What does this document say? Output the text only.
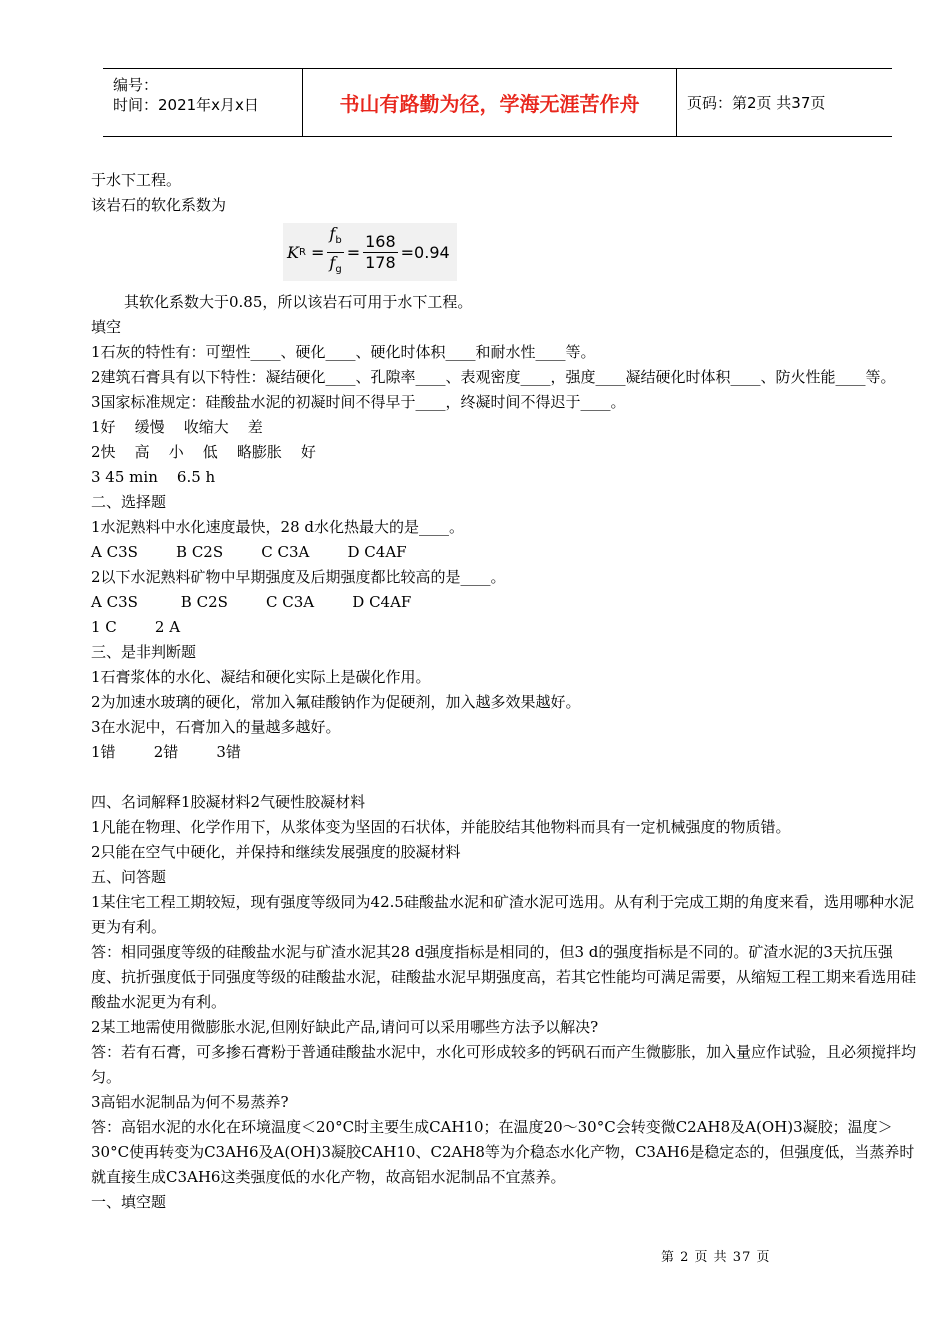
编号：
时间：2021年x月x日	书山有路勤为径，学海无涯苦作舟	页码：第2页 共37页
于水下工程。
该岩石的软化系数为
K $R = \frac{f_b}{f_g} = \frac{168}{178} =0.94$
其软化系数大于0.85，所以该岩石可用于水下工程。
填空
1石灰的特性有：可塑性____、硬化____、硬化时体积____和耐水性____等。
2建筑石膏具有以下特性：凝结硬化____、孔隙率____、表观密度____，强度____凝结硬化时体积____、防火性能____等。
3国家标准规定：硅酸盐水泥的初凝时间不得早于____，终凝时间不得迟于____。
1好    缓慢    收缩大    差
2快    高    小    低    略膨胀    好
3 45 min    6.5 h
二、选择题
1水泥熟料中水化速度最快，28 d水化热最大的是____。
A C3S        B C2S        C C3A        D C4AF
2以下水泥熟料矿物中早期强度及后期强度都比较高的是____。
A C3S         B C2S        C C3A        D C4AF
1 C        2 A
三、是非判断题
1石膏浆体的水化、凝结和硬化实际上是碳化作用。
2为加速水玻璃的硬化，常加入氟硅酸钠作为促硬剂，加入越多效果越好。
3在水泥中，石膏加入的量越多越好。
1错        2错        3错
四、名词解释1胶凝材料2气硬性胶凝材料
1凡能在物理、化学作用下，从浆体变为坚固的石状体，并能胶结其他物料而具有一定机械强度的物质错。
2只能在空气中硬化，并保持和继续发展强度的胶凝材料
五、问答题
1某住宅工程工期较短，现有强度等级同为42.5硅酸盐水泥和矿渣水泥可选用。从有利于完成工期的角度来看，选用哪种水泥更为有利。
答：相同强度等级的硅酸盐水泥与矿渣水泥其28 d强度指标是相同的，但3 d的强度指标是不同的。矿渣水泥的3天抗压强度、抗折强度低于同强度等级的硅酸盐水泥，硅酸盐水泥早期强度高，若其它性能均可满足需要，从缩短工程工期来看选用硅酸盐水泥更为有利。
2某工地需使用微膨胀水泥,但刚好缺此产品,请问可以采用哪些方法予以解决?
答：若有石膏，可多掺石膏粉于普通硅酸盐水泥中，水化可形成较多的钙矾石而产生微膨胀，加入量应作试验，且必须搅拌均匀。
3高铝水泥制品为何不易蒸养?
答：高铝水泥的水化在环境温度＜20°C时主要生成CAH10；在温度20～30°C会转变微C2AH8及A(OH)3凝胶；温度＞30°C使再转变为C3AH6及A(OH)3凝胶CAH10、C2AH8等为介稳态水化产物，C3AH6是稳定态的，但强度低，当蒸养时就直接生成C3AH6这类强度低的水化产物，故高铝水泥制品不宜蒸养。
一、填空题
第 2 页 共 37 页
